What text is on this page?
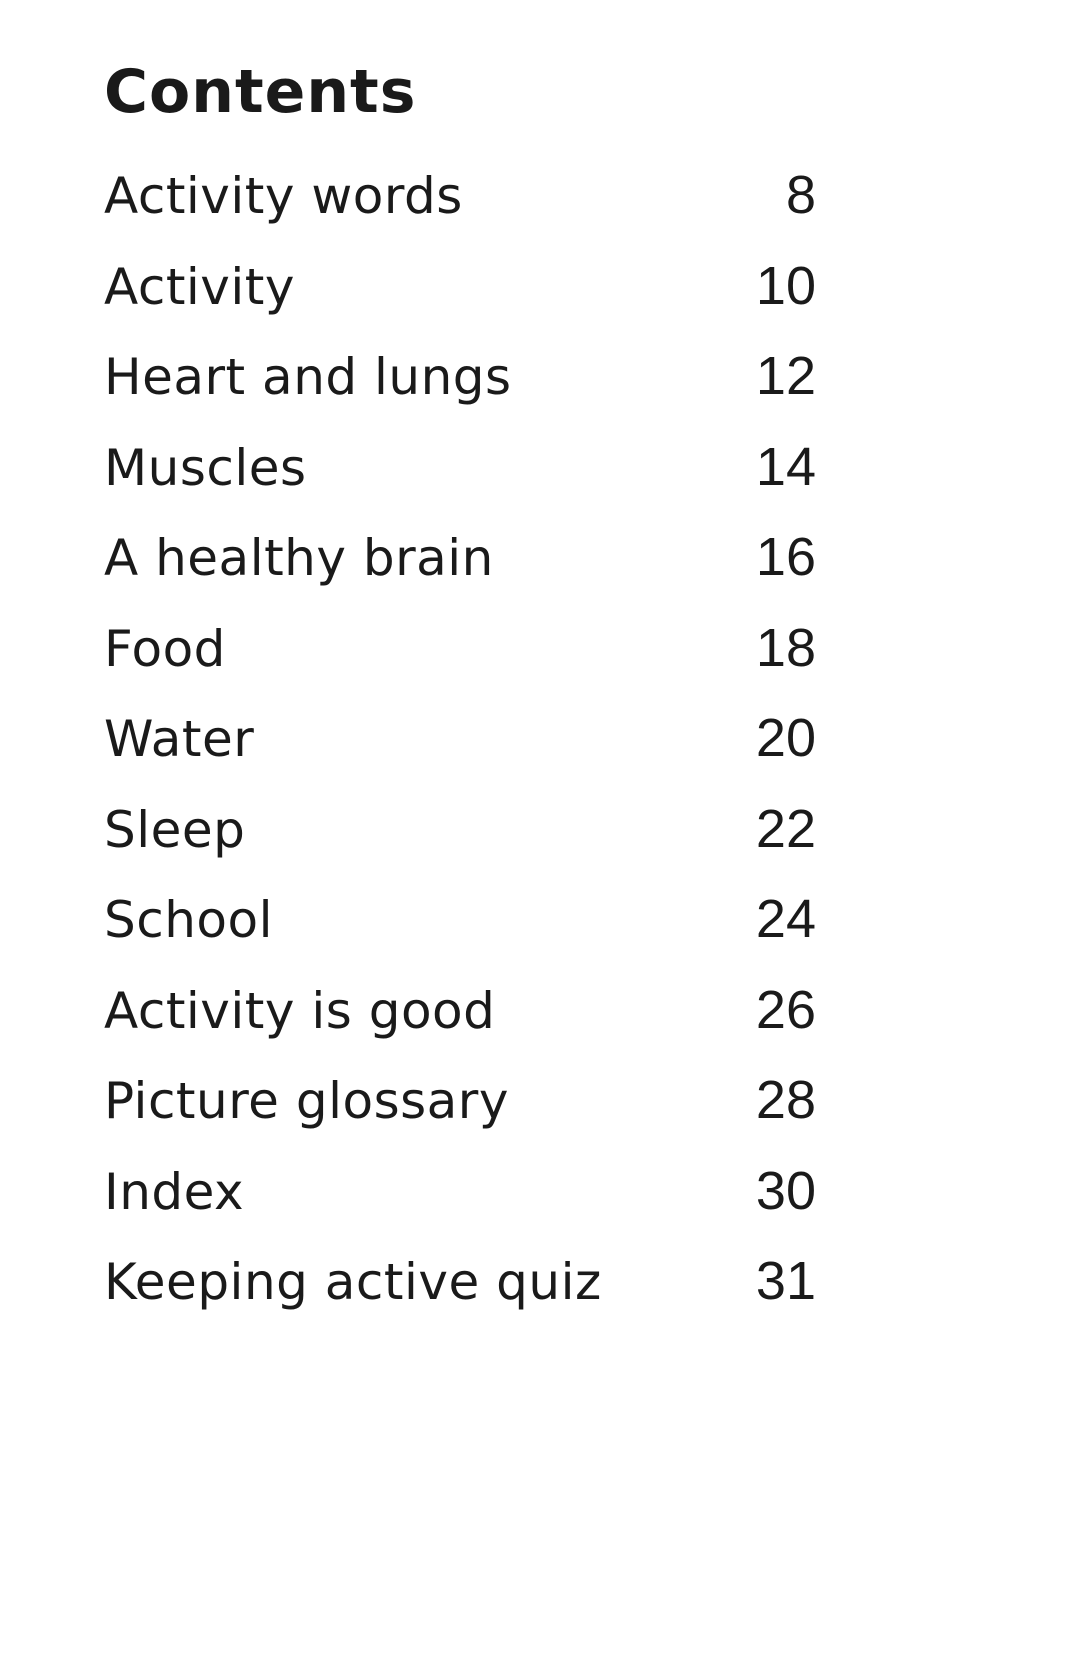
Contents
Activity words	8
Activity	10
Heart and lungs	12
Muscles	14
A healthy brain	16
Food	18
Water	20
Sleep	22
School	24
Activity is good	26
Picture glossary	28
Index	30
Keeping active quiz	31
